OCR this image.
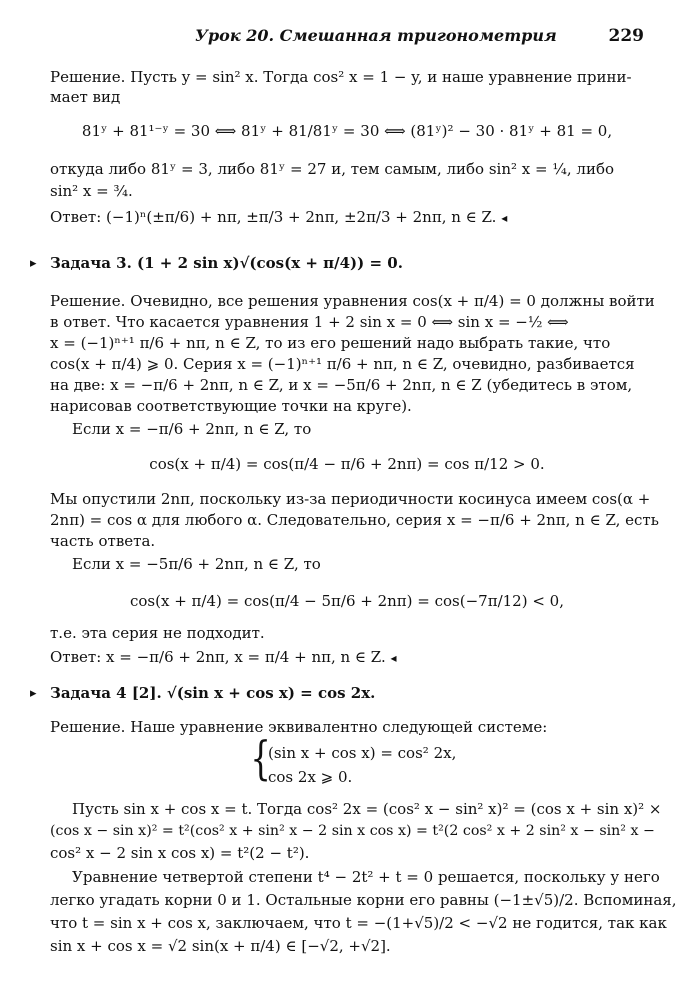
Урок 20. Смешанная тригонометрия	229
Решение. Пусть y = sin² x. Тогда cos² x = 1 − y, и наше уравнение прини-
мает вид
81ʸ + 81¹⁻ʸ = 30 ⟺ 81ʸ + 81/81ʸ = 30 ⟺ (81ʸ)² − 30 · 81ʸ + 81 = 0,
откуда либо 81ʸ = 3, либо 81ʸ = 27 и, тем самым, либо sin² x = ¼, либо
sin² x = ¾.
Ответ: (−1)ⁿ(±π/6) + nπ, ±π/3 + 2nπ, ±2π/3 + 2nπ, n ∈ Z. ◂
▸ Задача 3. (1 + 2 sin x)√(cos(x + π/4)) = 0.
Решение. Очевидно, все решения уравнения cos(x + π/4) = 0 должны войти
в ответ. Что касается уравнения 1 + 2 sin x = 0 ⟺ sin x = −½ ⟺
x = (−1)ⁿ⁺¹ π/6 + nπ, n ∈ Z, то из его решений надо выбрать такие, что
cos(x + π/4) ⩾ 0. Серия x = (−1)ⁿ⁺¹ π/6 + nπ, n ∈ Z, очевидно, разбивается
на две: x = −π/6 + 2nπ, n ∈ Z, и x = −5π/6 + 2nπ, n ∈ Z (убедитесь в этом,
нарисовав соответствующие точки на круге).
Если x = −π/6 + 2nπ, n ∈ Z, то
cos(x + π/4) = cos(π/4 − π/6 + 2nπ) = cos π/12 > 0.
Мы опустили 2nπ, поскольку из-за периодичности косинуса имеем cos(α +
2nπ) = cos α для любого α. Следовательно, серия x = −π/6 + 2nπ, n ∈ Z, есть
часть ответа.
Если x = −5π/6 + 2nπ, n ∈ Z, то
cos(x + π/4) = cos(π/4 − 5π/6 + 2nπ) = cos(−7π/12) < 0,
т.е. эта серия не подходит.
Ответ: x = −π/6 + 2nπ, x = π/4 + nπ, n ∈ Z. ◂
▸ Задача 4 [2]. √(sin x + cos x) = cos 2x.
Решение. Наше уравнение эквивалентно следующей системе:
{
(sin x + cos x) = cos² 2x,
cos 2x ⩾ 0.
Пусть sin x + cos x = t. Тогда cos² 2x = (cos² x − sin² x)² = (cos x + sin x)² ×
(cos x − sin x)² = t²(cos² x + sin² x − 2 sin x cos x) = t²(2 cos² x + 2 sin² x − sin² x −
cos² x − 2 sin x cos x) = t²(2 − t²).
Уравнение четвертой степени t⁴ − 2t² + t = 0 решается, поскольку у него
легко угадать корни 0 и 1. Остальные корни его равны (−1±√5)/2. Вспоминая,
что t = sin x + cos x, заключаем, что t = −(1+√5)/2 < −√2 не годится, так как
sin x + cos x = √2 sin(x + π/4) ∈ [−√2, +√2].
